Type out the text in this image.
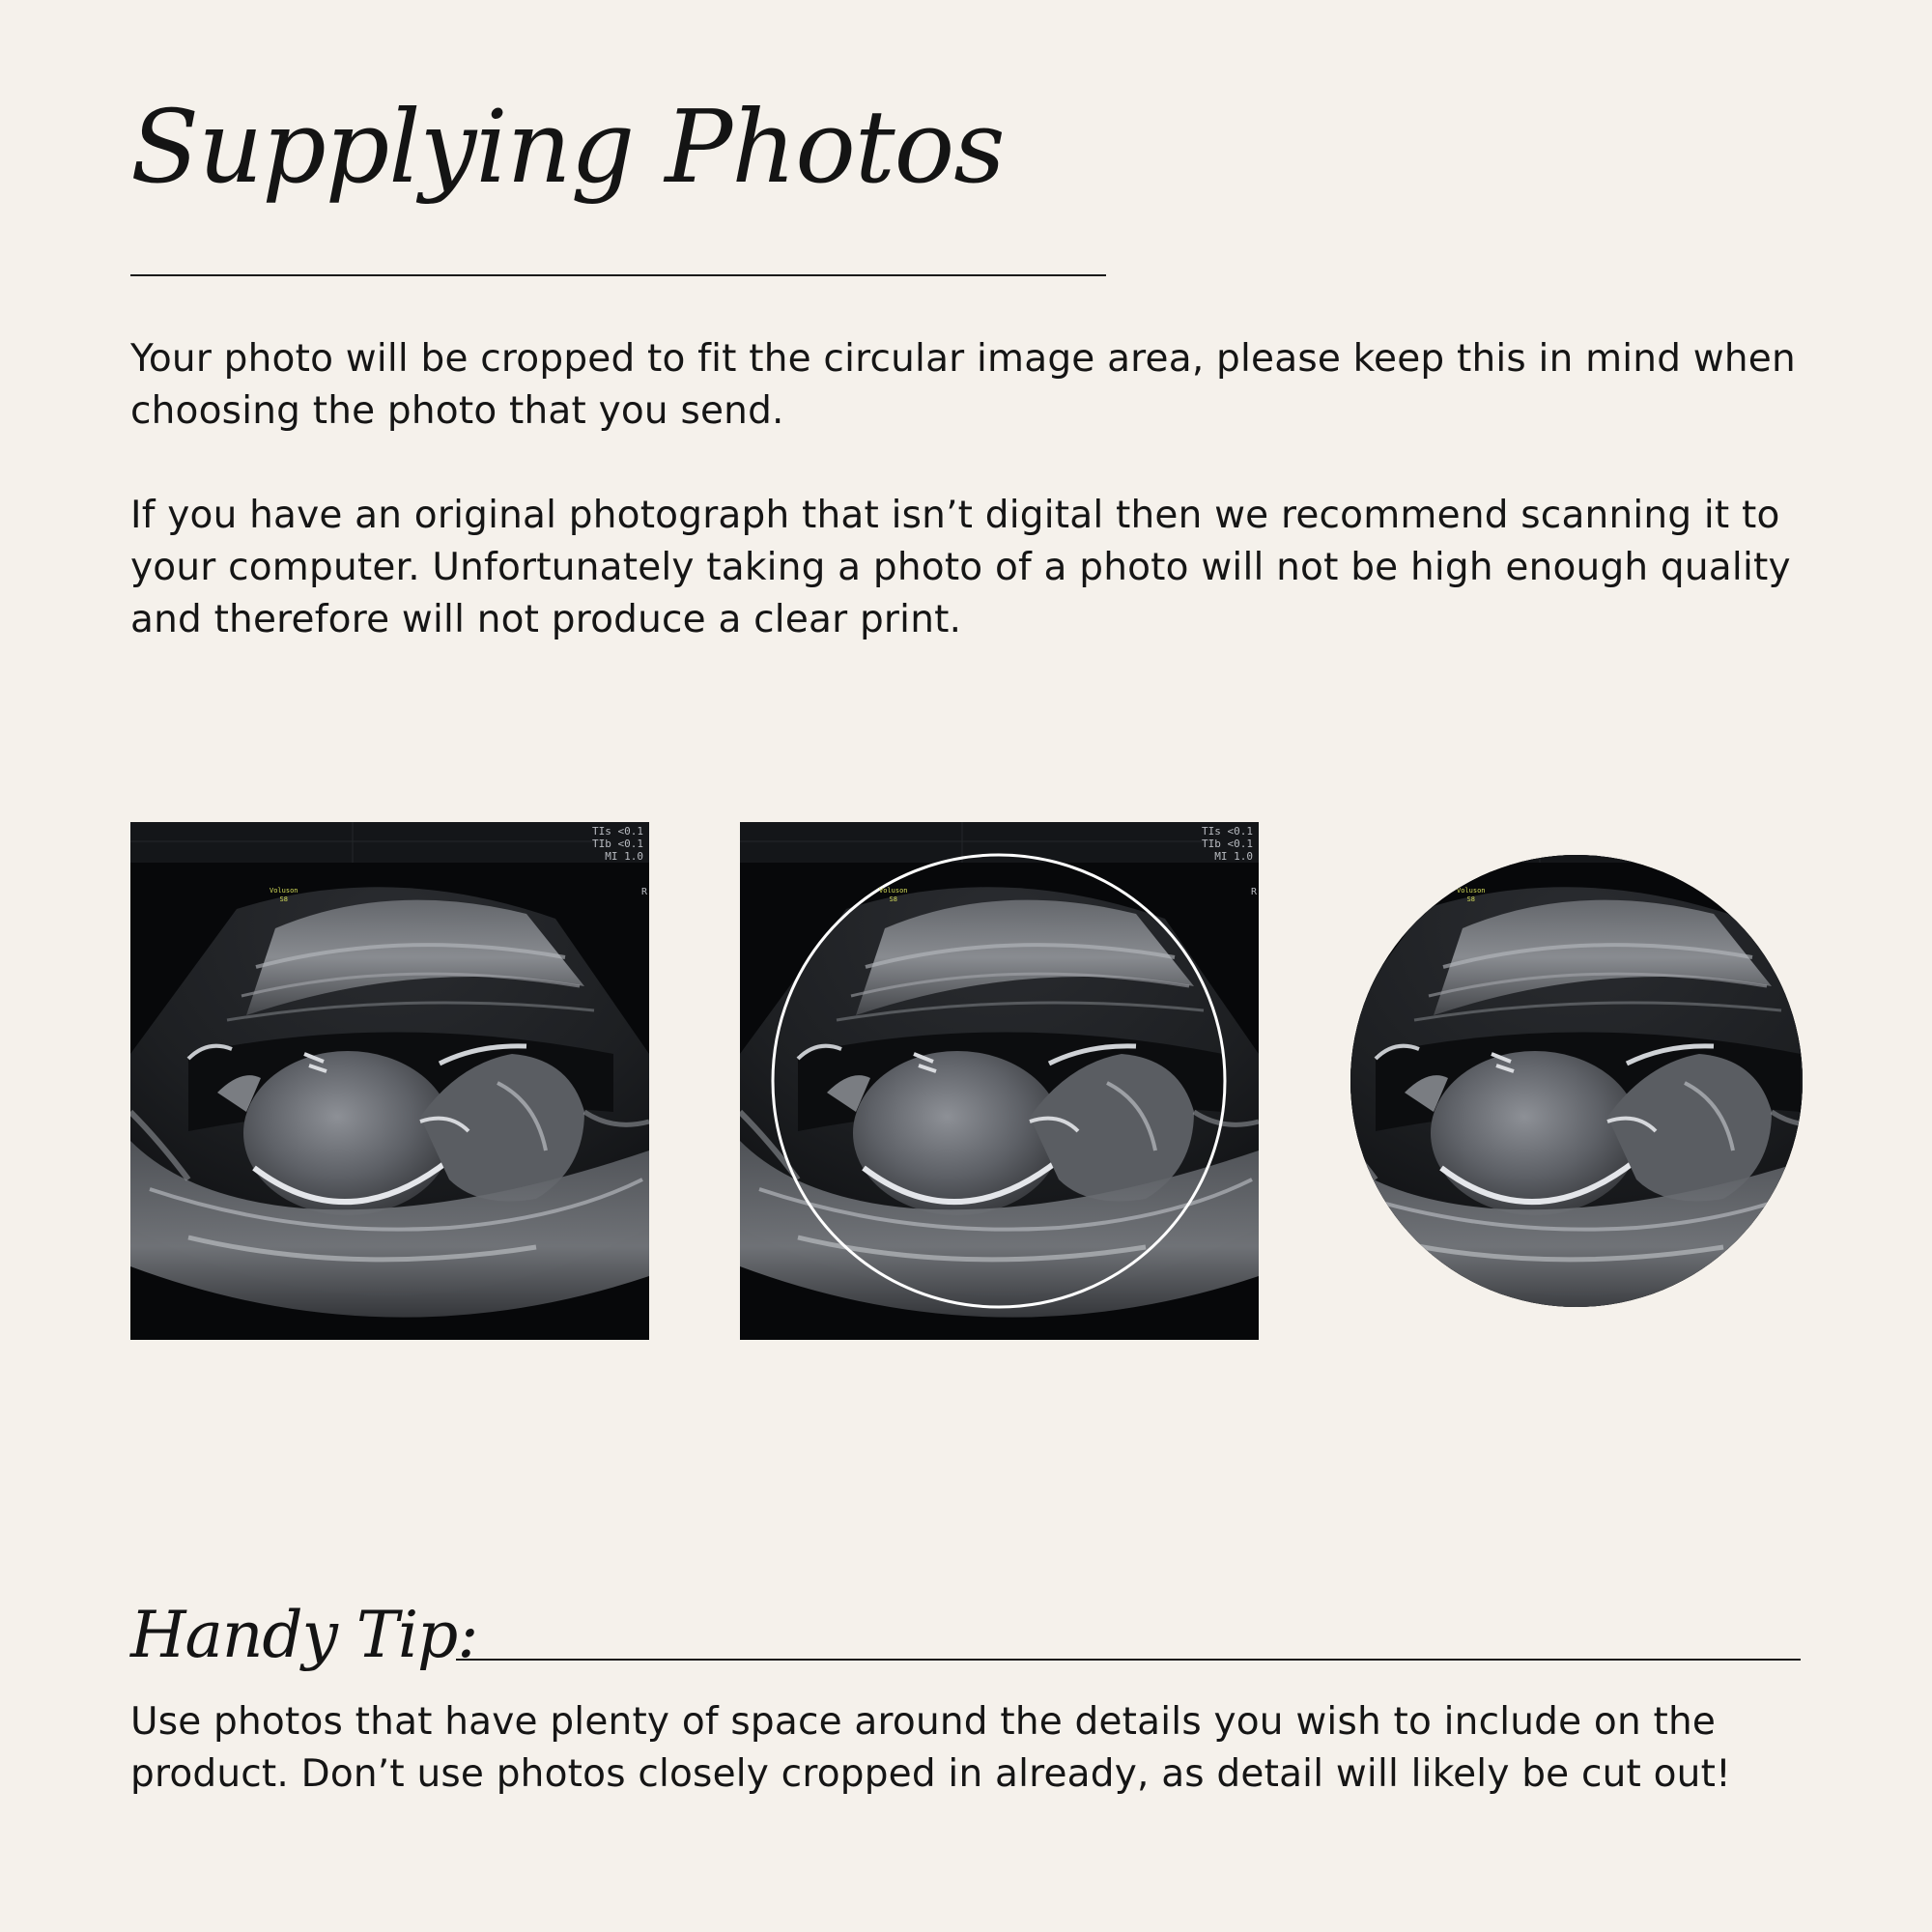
Supplying Photos

Your photo will be cropped to fit the circular image area, please keep this in mind when choosing the photo that you send.

If you have an original photograph that isn’t digital then we recommend scanning it to your computer. Unfortunately taking a photo of a photo will not be high enough quality and therefore will not produce a clear print.

TIs <0.1
TIb <0.1
MI 1.0
Voluson
S8
R
TIs <0.1
TIb <0.1
MI 1.0
Voluson
S8
R	Voluson
S8
Handy Tip:

Use photos that have plenty of space around the details you wish to include on the product. Don’t use photos closely cropped in already, as detail will likely be cut out!
